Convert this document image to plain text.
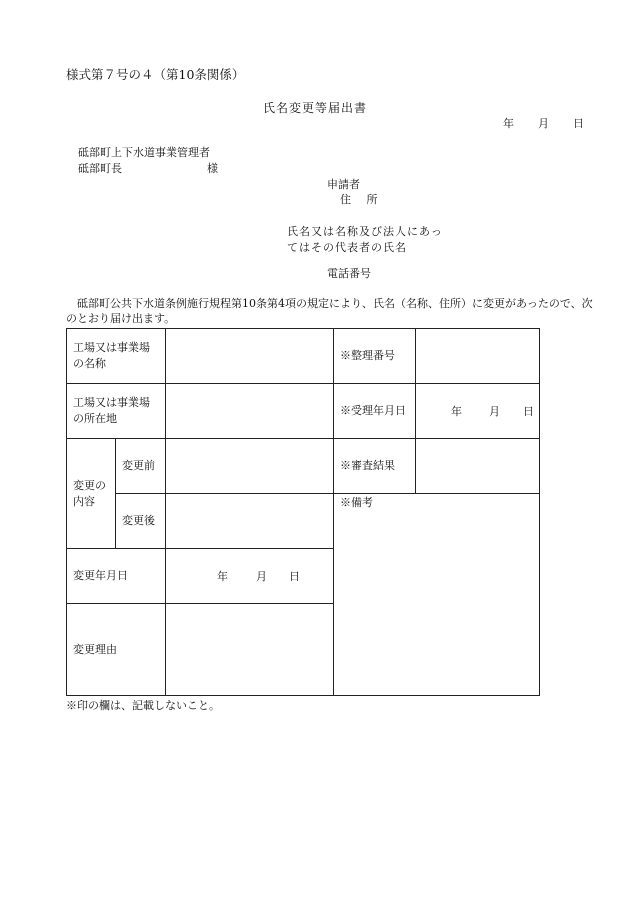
様式第７号の４（第10条関係）
氏名変更等届出書
年 月 日
砥部町上下水道事業管理者
砥部町長	様
申請者
住 所
氏名又は名称及び法人にあってはその代表者の氏名
電話番号
砥部町公共下水道条例施行規程第10条第4項の規定により、氏名（名称、住所）に変更があったので、次のとおり届け出ます。
工場又は事業場の名称			※整理番号	
工場又は事業場の所在地			※受理年月日	年 月 日

変更の内容	変更前		※審査結果	
	変更後		※備考	
変更年月日		年 月 日		

変更理由				
※印の欄は、記載しないこと。
